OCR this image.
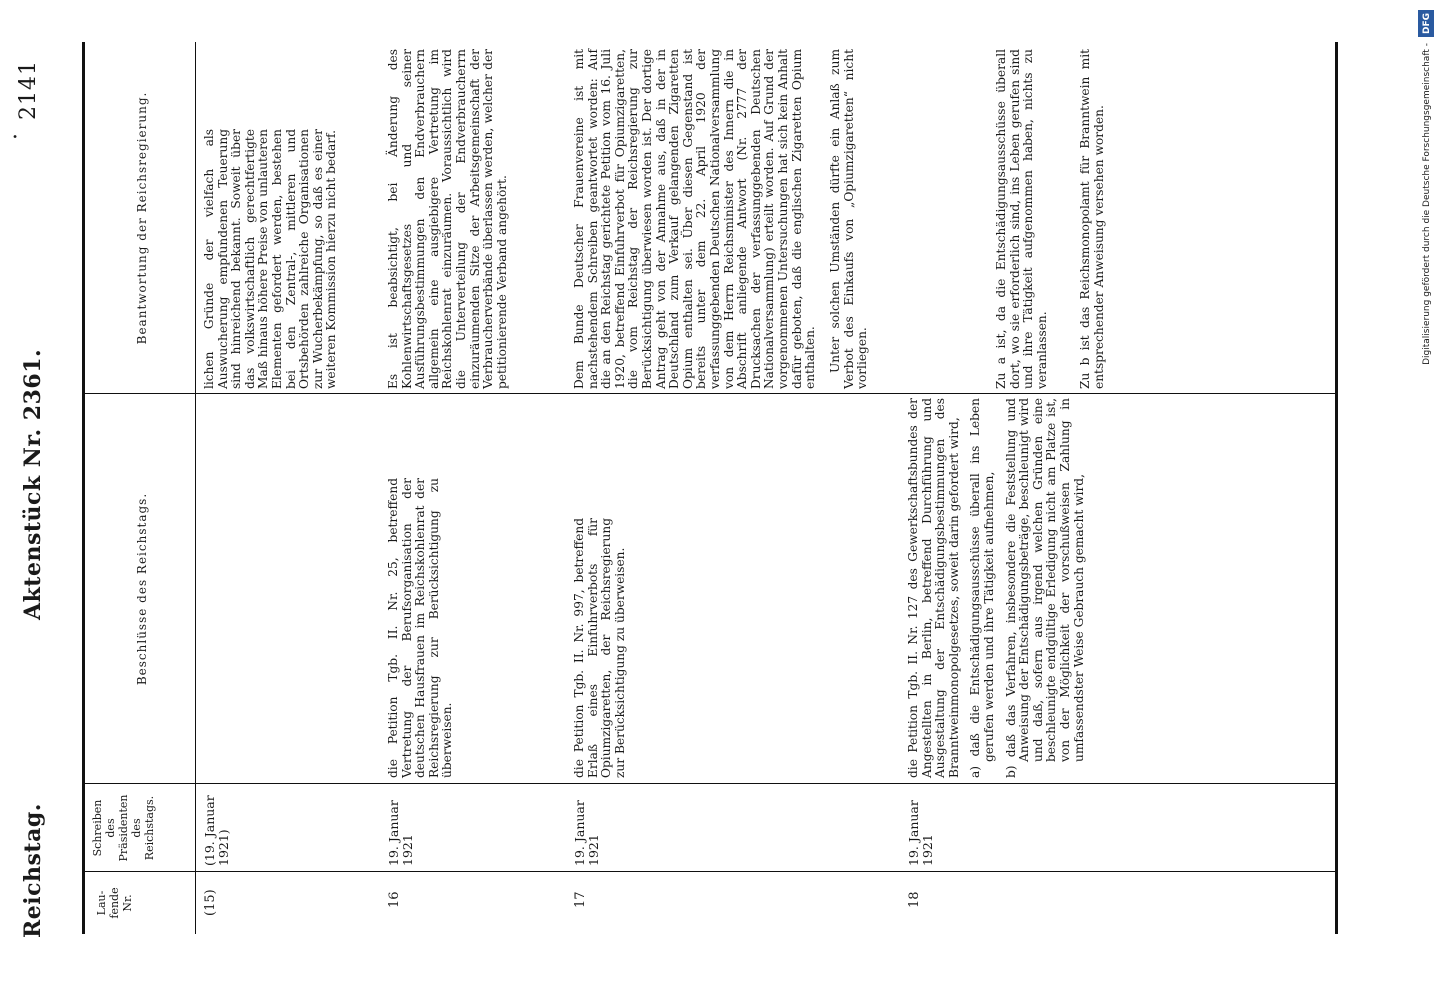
Reichstag.
Aktenstück Nr. 2361.
·
2141
Lau-
fende
Nr.
Schreiben
des
Präsidenten
des
Reichstags.
Beschlüsse des Reichstags.
Beantwortung der Reichsregierung.
(15)
(19. Januar
1921)
lichen Gründe der vielfach als Auswucherung empfundenen Teuerung sind hinreichend bekannt. Soweit über das volkswirtschaftlich gerechtfertigte Maß hinaus höhere Preise von unlauteren Elementen gefordert werden, bestehen bei den Zentral-, mittleren und Ortsbehörden zahlreiche Organisationen zur Wucherbekämpfung, so daß es einer weiteren Kommission hierzu nicht bedarf.
16
19. Januar
1921
die Petition Tgb. II. Nr. 25, betreffend Vertretung der Berufsorganisation der deutschen Hausfrauen im Reichskohlenrat der Reichsregierung zur Berücksichtigung zu überweisen.
Es ist beabsichtigt, bei Änderung des Kohlenwirtschaftsgesetzes und seiner Ausführungsbestimmungen den Endverbrauchern allgemein eine ausgiebigere Vertretung im Reichskohlenrat einzuräumen. Voraussichtlich wird die Unterverteilung der Endverbraucherrn einzuräumenden Sitze der Arbeitsgemeinschaft der Verbraucherverbände überlassen werden, welcher der petitionierende Verband angehört.
17
19. Januar
1921
die Petition Tgb. II. Nr. 997, betreffend Erlaß eines Einfuhrverbots für Opiumzigaretten, der Reichsregierung zur Berücksichtigung zu überweisen.
Dem Bunde Deutscher Frauenvereine ist mit nachstehendem Schreiben geantwortet worden: Auf die an den Reichstag gerichtete Petition vom 16. Juli 1920, betreffend Einfuhrverbot für Opiumzigaretten, die vom Reichstag der Reichsregierung zur Berücksichtigung überwiesen worden ist. Der dortige Antrag geht von der Annahme aus, daß in der in Deutschland zum Verkauf gelangenden Zigaretten Opium enthalten sei. Über diesen Gegenstand ist bereits unter dem 22. April 1920 der verfassunggebenden Deutschen Nationalversammlung von dem Herrn Reichsminister des Innern die in Abschrift anliegende Antwort (Nr. 2777 der Drucksachen der verfassunggebenden Deutschen Nationalversammlung) erteilt worden. Auf Grund der vorgenommenen Untersuchungen hat sich kein Anhalt dafür geboten, daß die englischen Zigaretten Opium enthalten. Unter solchen Umständen dürfte ein Anlaß zum Verbot des Einkaufs von „Opiumzigaretten“ nicht vorliegen.
18
19. Januar
1921
die Petition Tgb. II. Nr. 127 des Gewerkschaftsbundes der Angestellten in Berlin, betreffend Durchführung und Ausgestaltung der Entschädigungsbestimmungen des Branntweinmonopolgesetzes, soweit darin gefordert wird, a) daß die Entschädigungsausschüsse überall ins Leben gerufen werden und ihre Tätigkeit aufnehmen, b) daß das Verfahren, insbesondere die Feststellung und Anweisung der Entschädigungsbeträge, beschleunigt wird und daß, sofern aus irgend welchen Gründen eine beschleunigte endgültige Erledigung nicht am Platze ist, von der Möglichkeit der vorschußweisen Zahlung in umfassendster Weise Gebrauch gemacht wird,
Zu a ist, da die Entschädigungsausschüsse überall dort, wo sie erforderlich sind, ins Leben gerufen sind und ihre Tätigkeit aufgenommen haben, nichts zu veranlassen. Zu b ist das Reichsmonopolamt für Branntwein mit entsprechender Anweisung versehen worden.	Digitalisierung gefördert durch die Deutsche Forschungsgemeinschaft -DFG
